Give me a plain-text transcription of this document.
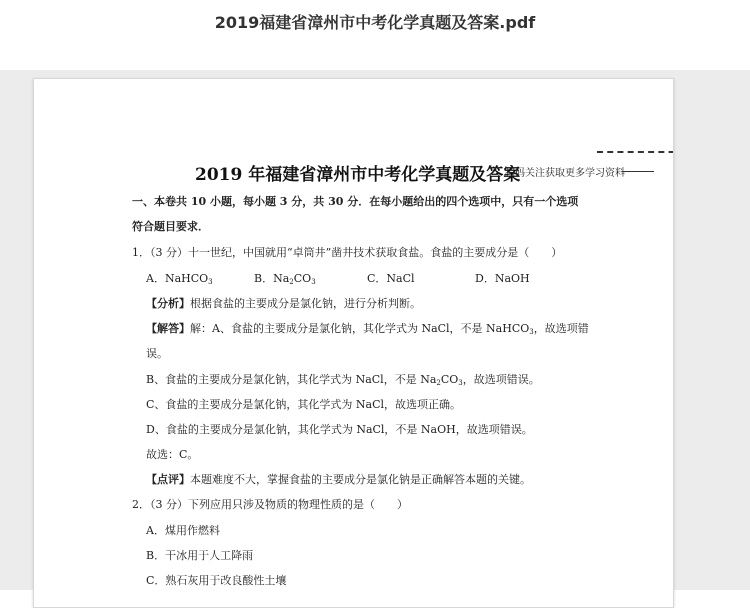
2019福建省漳州市中考化学真题及答案.pdf
2019 年福建省漳州市中考化学真题及答案
扫码关注获取更多学习资料
一、本卷共 10 小题，每小题 3 分，共 30 分．在每小题给出的四个选项中，只有一个选项
符合题目要求．
1．（3 分）十一世纪，中国就用“卓筒井”凿井技术获取食盐。食盐的主要成分是（　　）
A．NaHCO$_3$	B．$Na_2CO_3$	C．NaCl	D．NaOH
【分析】根据食盐的主要成分是氯化钠，进行分析判断。
【解答】解：A、食盐的主要成分是氯化钠，其化学式为 NaCl，不是 NaHCO$_3$，故选项错
误。
B、食盐的主要成分是氯化钠，其化学式为 NaCl，不是 $Na_2CO_3$，故选项错误。
C、食盐的主要成分是氯化钠，其化学式为 NaCl，故选项正确。
D、食盐的主要成分是氯化钠，其化学式为 NaCl，不是 NaOH，故选项错误。
故选：C。
【点评】本题难度不大，掌握食盐的主要成分是氯化钠是正确解答本题的关键。
2．（3 分）下列应用只涉及物质的物理性质的是（　　）
A．煤用作燃料
B．干冰用于人工降雨
C．熟石灰用于改良酸性土壤
